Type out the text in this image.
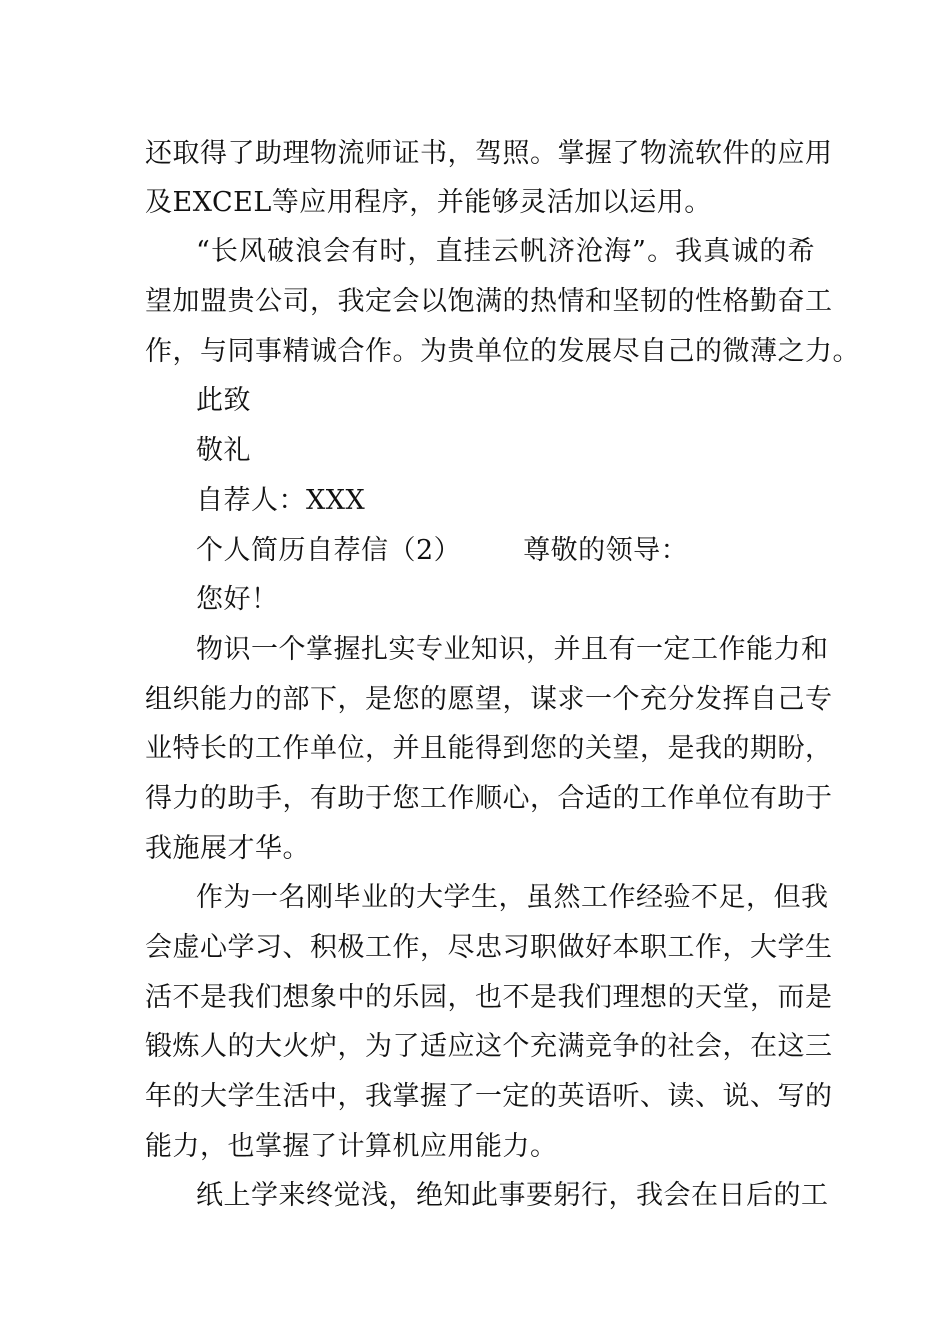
还取得了助理物流师证书，驾照。掌握了物流软件的应用
及EXCEL等应用程序，并能够灵活加以运用。
“长风破浪会有时，直挂云帆济沧海”。我真诚的希
望加盟贵公司，我定会以饱满的热情和坚韧的性格勤奋工
作，与同事精诚合作。为贵单位的发展尽自己的微薄之力。
此致
敬礼
自荐人：XXX
个人简历自荐信（2） 尊敬的领导：
您好！
物识一个掌握扎实专业知识，并且有一定工作能力和
组织能力的部下，是您的愿望，谋求一个充分发挥自己专
业特长的工作单位，并且能得到您的关望，是我的期盼，
得力的助手，有助于您工作顺心，合适的工作单位有助于
我施展才华。
作为一名刚毕业的大学生，虽然工作经验不足，但我
会虚心学习、积极工作，尽忠习职做好本职工作，大学生
活不是我们想象中的乐园，也不是我们理想的天堂，而是
锻炼人的大火炉，为了适应这个充满竞争的社会，在这三
年的大学生活中，我掌握了一定的英语听、读、说、写的
能力，也掌握了计算机应用能力。
纸上学来终觉浅，绝知此事要躬行，我会在日后的工
